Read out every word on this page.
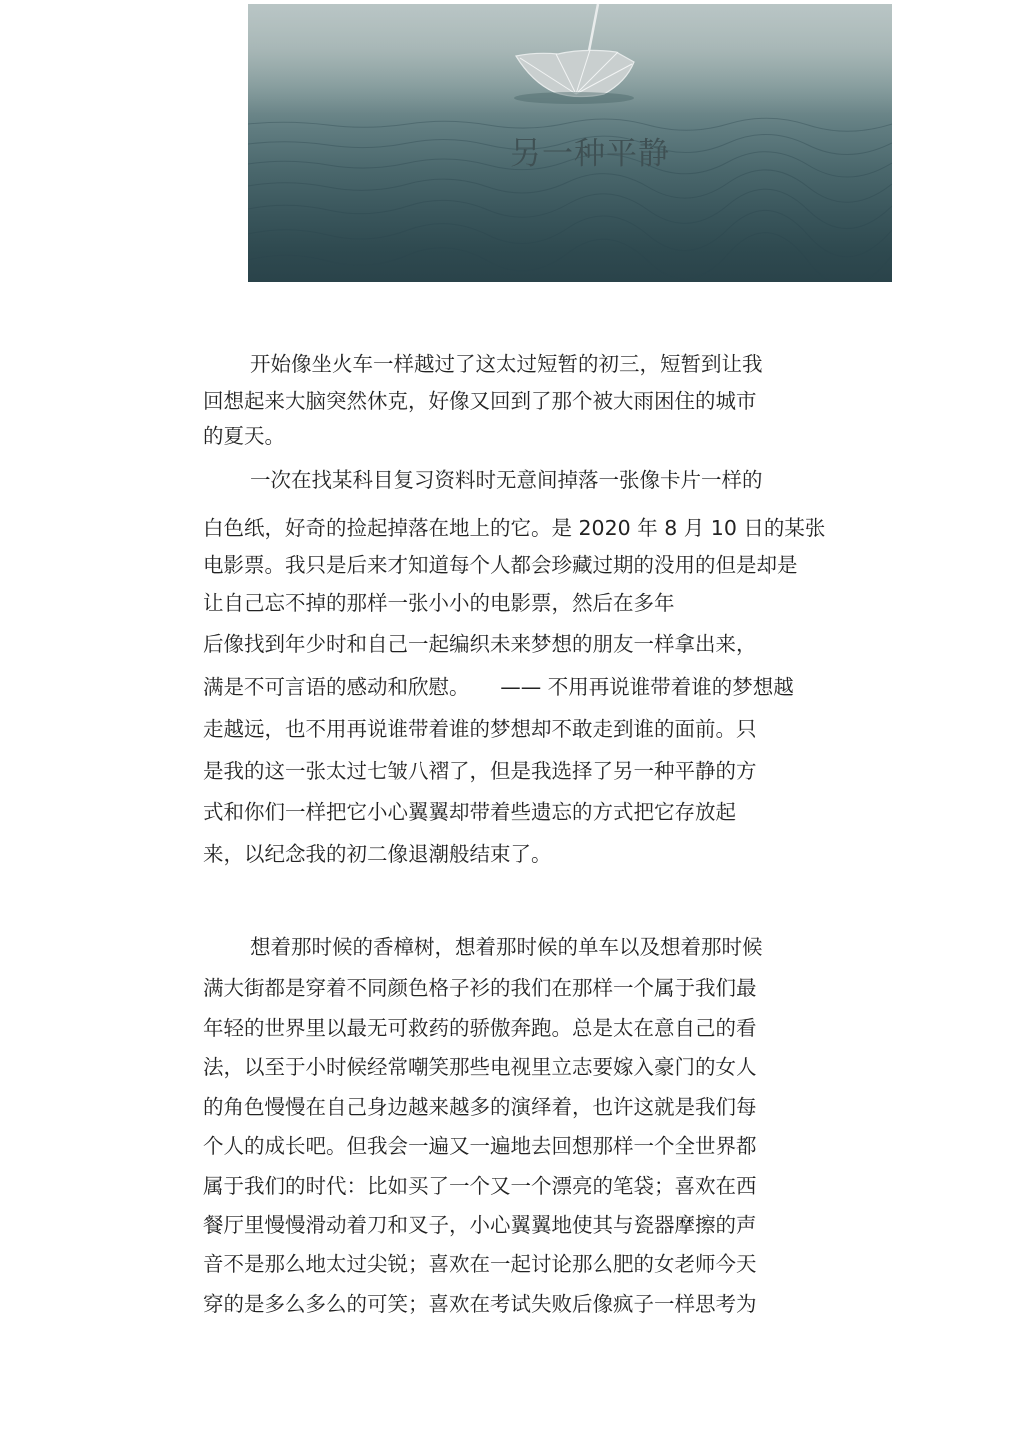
另一种平静
开始像坐火车一样越过了这太过短暂的初三，短暂到让我
回想起来大脑突然休克，好像又回到了那个被大雨困住的城市
的夏天。
一次在找某科目复习资料时无意间掉落一张像卡片一样的
白色纸，好奇的捡起掉落在地上的它。是 2020 年 8 月 10 日的某张
电影票。我只是后来才知道每个人都会珍藏过期的没用的但是却是
让自己忘不掉的那样一张小小的电影票，然后在多年
后像找到年少时和自己一起编织未来梦想的朋友一样拿出来，
满是不可言语的感动和欣慰。　　—— 不用再说谁带着谁的梦想越
走越远，也不用再说谁带着谁的梦想却不敢走到谁的面前。只
是我的这一张太过七皱八褶了，但是我选择了另一种平静的方
式和你们一样把它小心翼翼却带着些遗忘的方式把它存放起
来，以纪念我的初二像退潮般结束了。
想着那时候的香樟树，想着那时候的单车以及想着那时候
满大街都是穿着不同颜色格子衫的我们在那样一个属于我们最
年轻的世界里以最无可救药的骄傲奔跑。总是太在意自己的看
法，以至于小时候经常嘲笑那些电视里立志要嫁入豪门的女人
的角色慢慢在自己身边越来越多的演绎着，也许这就是我们每
个人的成长吧。但我会一遍又一遍地去回想那样一个全世界都
属于我们的时代：比如买了一个又一个漂亮的笔袋；喜欢在西
餐厅里慢慢滑动着刀和叉子，小心翼翼地使其与瓷器摩擦的声
音不是那么地太过尖锐；喜欢在一起讨论那么肥的女老师今天
穿的是多么多么的可笑；喜欢在考试失败后像疯子一样思考为
